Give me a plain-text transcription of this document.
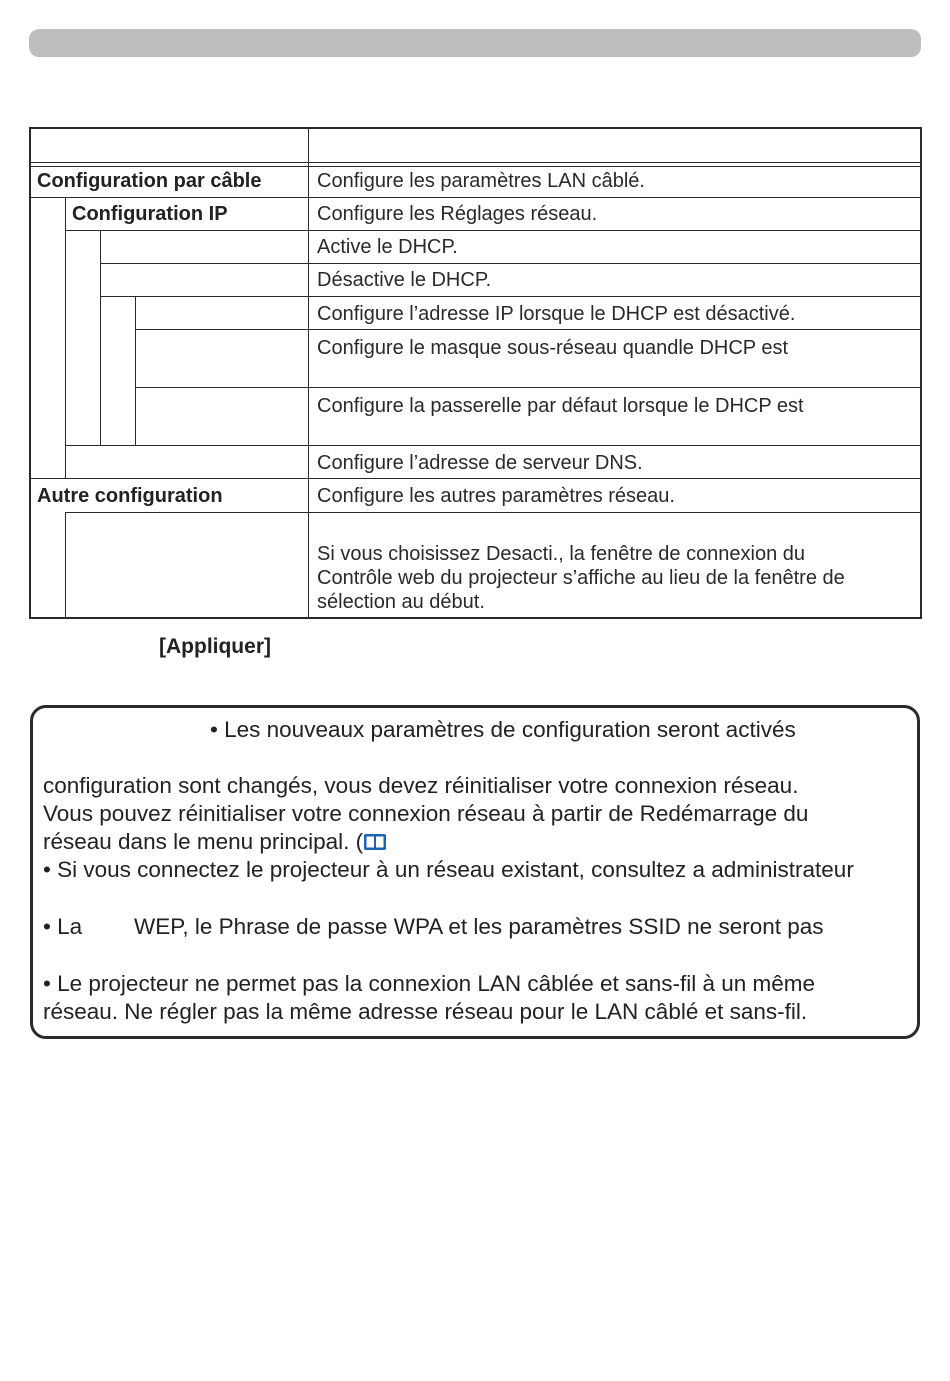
Configuration par câble
Configuration IP
Autre configuration
Configure les paramètres LAN câblé.
Configure les Réglages réseau.
Active le DHCP.
Désactive le DHCP.
Configure l’adresse IP lorsque le DHCP est désactivé.
Configure le masque sous-réseau quandle DHCP est
Configure la passerelle par défaut lorsque le DHCP est
Configure l’adresse de serveur DNS.
Configure les autres paramètres réseau.
Si vous choisissez Desacti., la fenêtre de connexion du
Contrôle web du projecteur s’affiche au lieu de la fenêtre de
sélection au début.
[Appliquer]
• Les nouveaux paramètres de configuration seront activés
configuration sont changés, vous devez réinitialiser votre connexion réseau.
Vous pouvez réinitialiser votre connexion réseau à partir de Redémarrage du
réseau dans le menu principal. (
• Si vous connectez le projecteur à un réseau existant, consultez a administrateur
• La WEP, le Phrase de passe WPA et les paramètres SSID ne seront pas
• Le projecteur ne permet pas la connexion LAN câblée et sans-fil à un même
réseau. Ne régler pas la même adresse réseau pour le LAN câblé et sans-fil.
